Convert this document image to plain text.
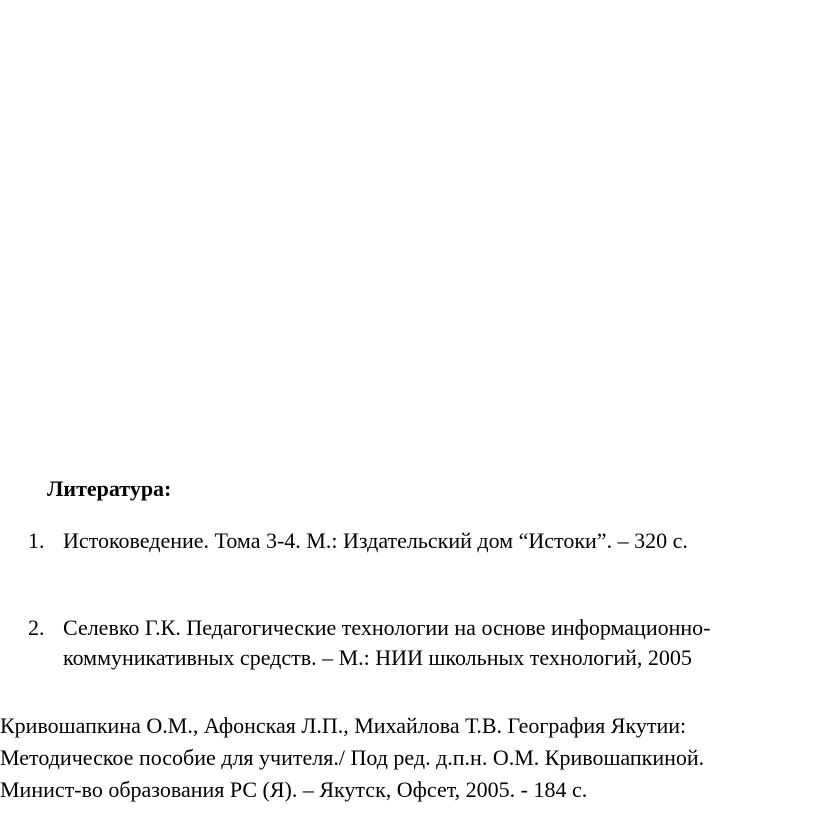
Литература:
1. Истоковедение. Тома 3-4. М.: Издательский дом “Истоки”. – 320 с.
2. Селевко Г.К. Педагогические технологии на основе информационно-
коммуникативных средств. – М.: НИИ школьных технологий, 2005
Кривошапкина О.М., Афонская Л.П., Михайлова Т.В. География Якутии:
Методическое пособие для учителя./ Под ред. д.п.н. О.М. Кривошапкиной.
Минист-во образования РС (Я). – Якутск, Офсет, 2005. - 184 с.
